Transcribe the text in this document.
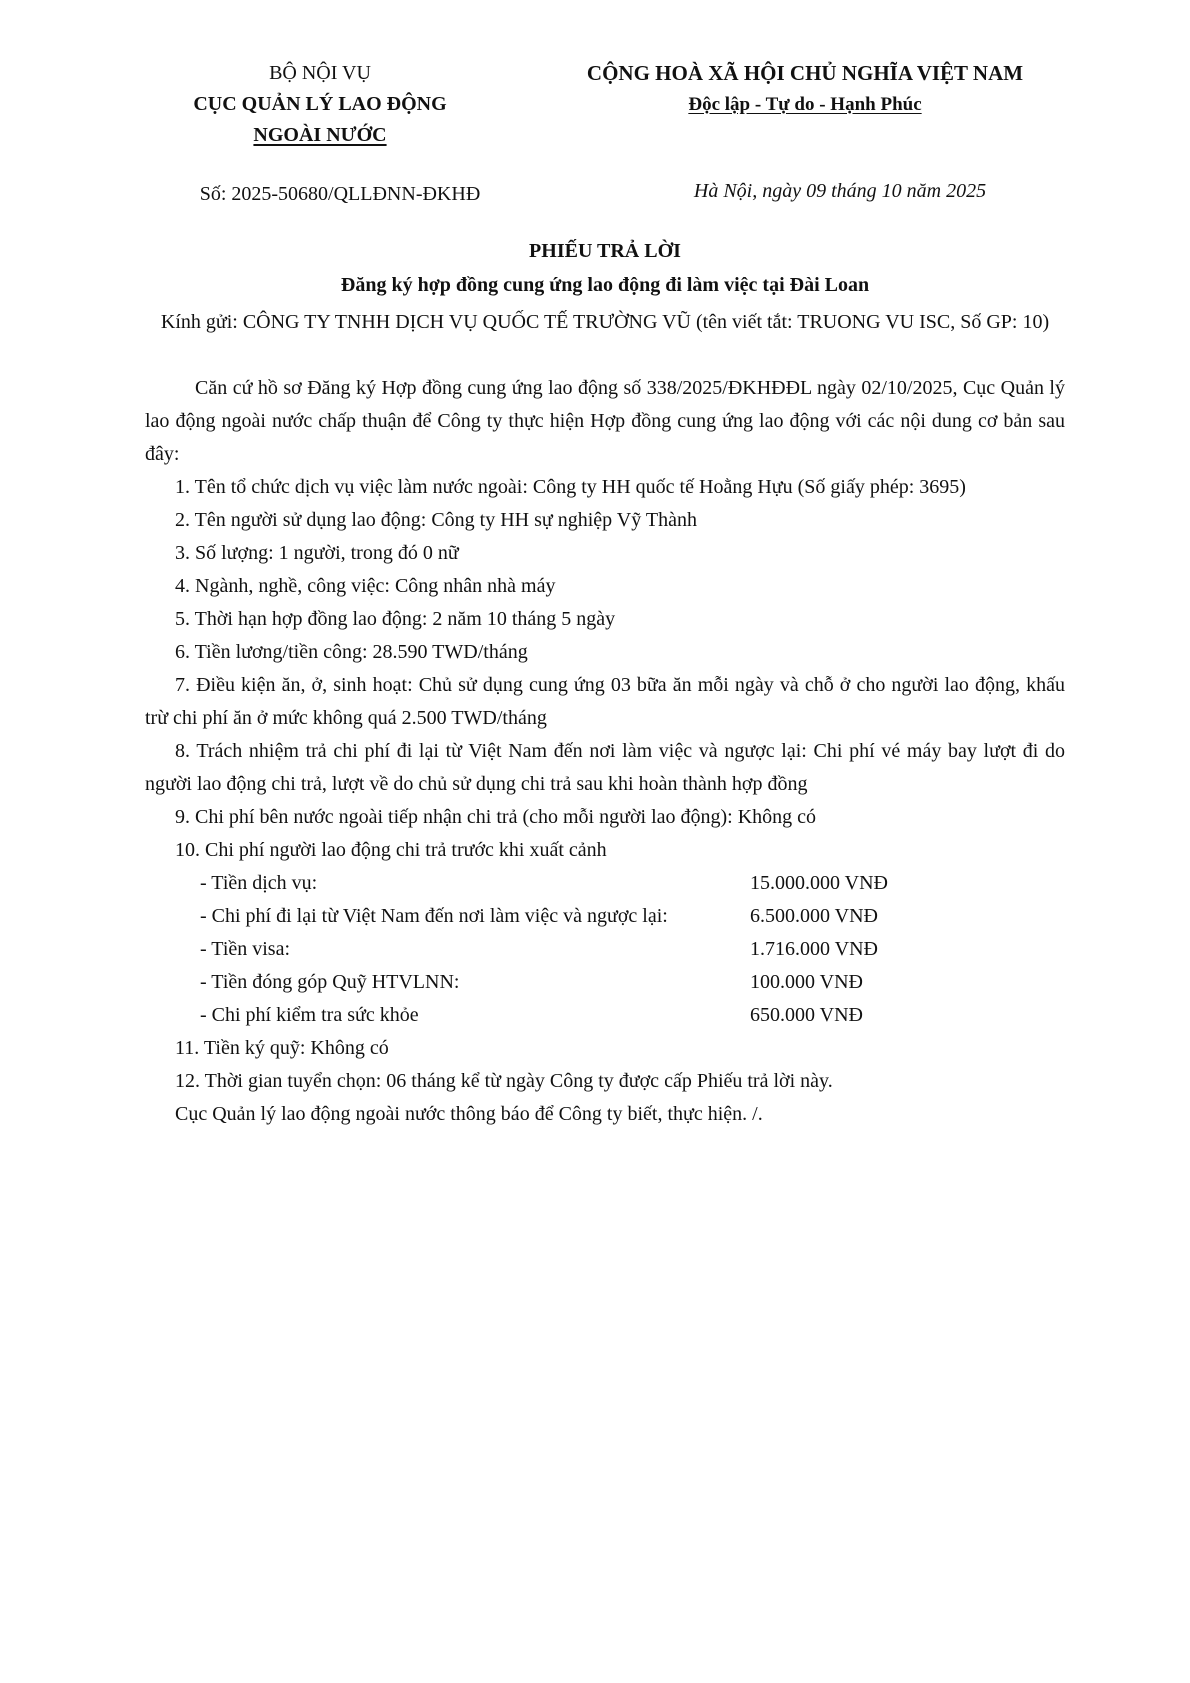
BỘ NỘI VỤ
CỤC QUẢN LÝ LAO ĐỘNG
NGOÀI NƯỚC
CỘNG HOÀ XÃ HỘI CHỦ NGHĨA VIỆT NAM
Độc lập - Tự do - Hạnh Phúc
Số: 2025-50680/QLLĐNN-ĐKHĐ	Hà Nội, ngày 09 tháng 10 năm 2025
PHIẾU TRẢ LỜI
Đăng ký hợp đồng cung ứng lao động đi làm việc tại Đài Loan
Kính gửi: CÔNG TY TNHH DỊCH VỤ QUỐC TẾ TRƯỜNG VŨ (tên viết tắt: TRUONG VU ISC, Số GP: 10)

Căn cứ hồ sơ Đăng ký Hợp đồng cung ứng lao động số 338/2025/ĐKHĐĐL ngày 02/10/2025, Cục Quản lý lao động ngoài nước chấp thuận để Công ty thực hiện Hợp đồng cung ứng lao động với các nội dung cơ bản sau đây:

1. Tên tổ chức dịch vụ việc làm nước ngoài: Công ty HH quốc tế Hoằng Hựu (Số giấy phép: 3695)

2. Tên người sử dụng lao động: Công ty HH sự nghiệp Vỹ Thành

3. Số lượng: 1 người, trong đó 0 nữ

4. Ngành, nghề, công việc: Công nhân nhà máy

5. Thời hạn hợp đồng lao động: 2 năm 10 tháng 5 ngày

6. Tiền lương/tiền công: 28.590 TWD/tháng

7. Điều kiện ăn, ở, sinh hoạt: Chủ sử dụng cung ứng 03 bữa ăn mỗi ngày và chỗ ở cho người lao động, khấu trừ chi phí ăn ở mức không quá 2.500 TWD/tháng

8. Trách nhiệm trả chi phí đi lại từ Việt Nam đến nơi làm việc và ngược lại: Chi phí vé máy bay lượt đi do người lao động chi trả, lượt về do chủ sử dụng chi trả sau khi hoàn thành hợp đồng

9. Chi phí bên nước ngoài tiếp nhận chi trả (cho mỗi người lao động): Không có

10. Chi phí người lao động chi trả trước khi xuất cảnh

- Tiền dịch vụ:	15.000.000 VNĐ
- Chi phí đi lại từ Việt Nam đến nơi làm việc và ngược lại:	6.500.000 VNĐ
- Tiền visa:	1.716.000 VNĐ
- Tiền đóng góp Quỹ HTVLNN:	100.000 VNĐ
- Chi phí kiểm tra sức khỏe	650.000 VNĐ

11. Tiền ký quỹ: Không có

12. Thời gian tuyển chọn: 06 tháng kể từ ngày Công ty được cấp Phiếu trả lời này.

Cục Quản lý lao động ngoài nước thông báo để Công ty biết, thực hiện. /.
